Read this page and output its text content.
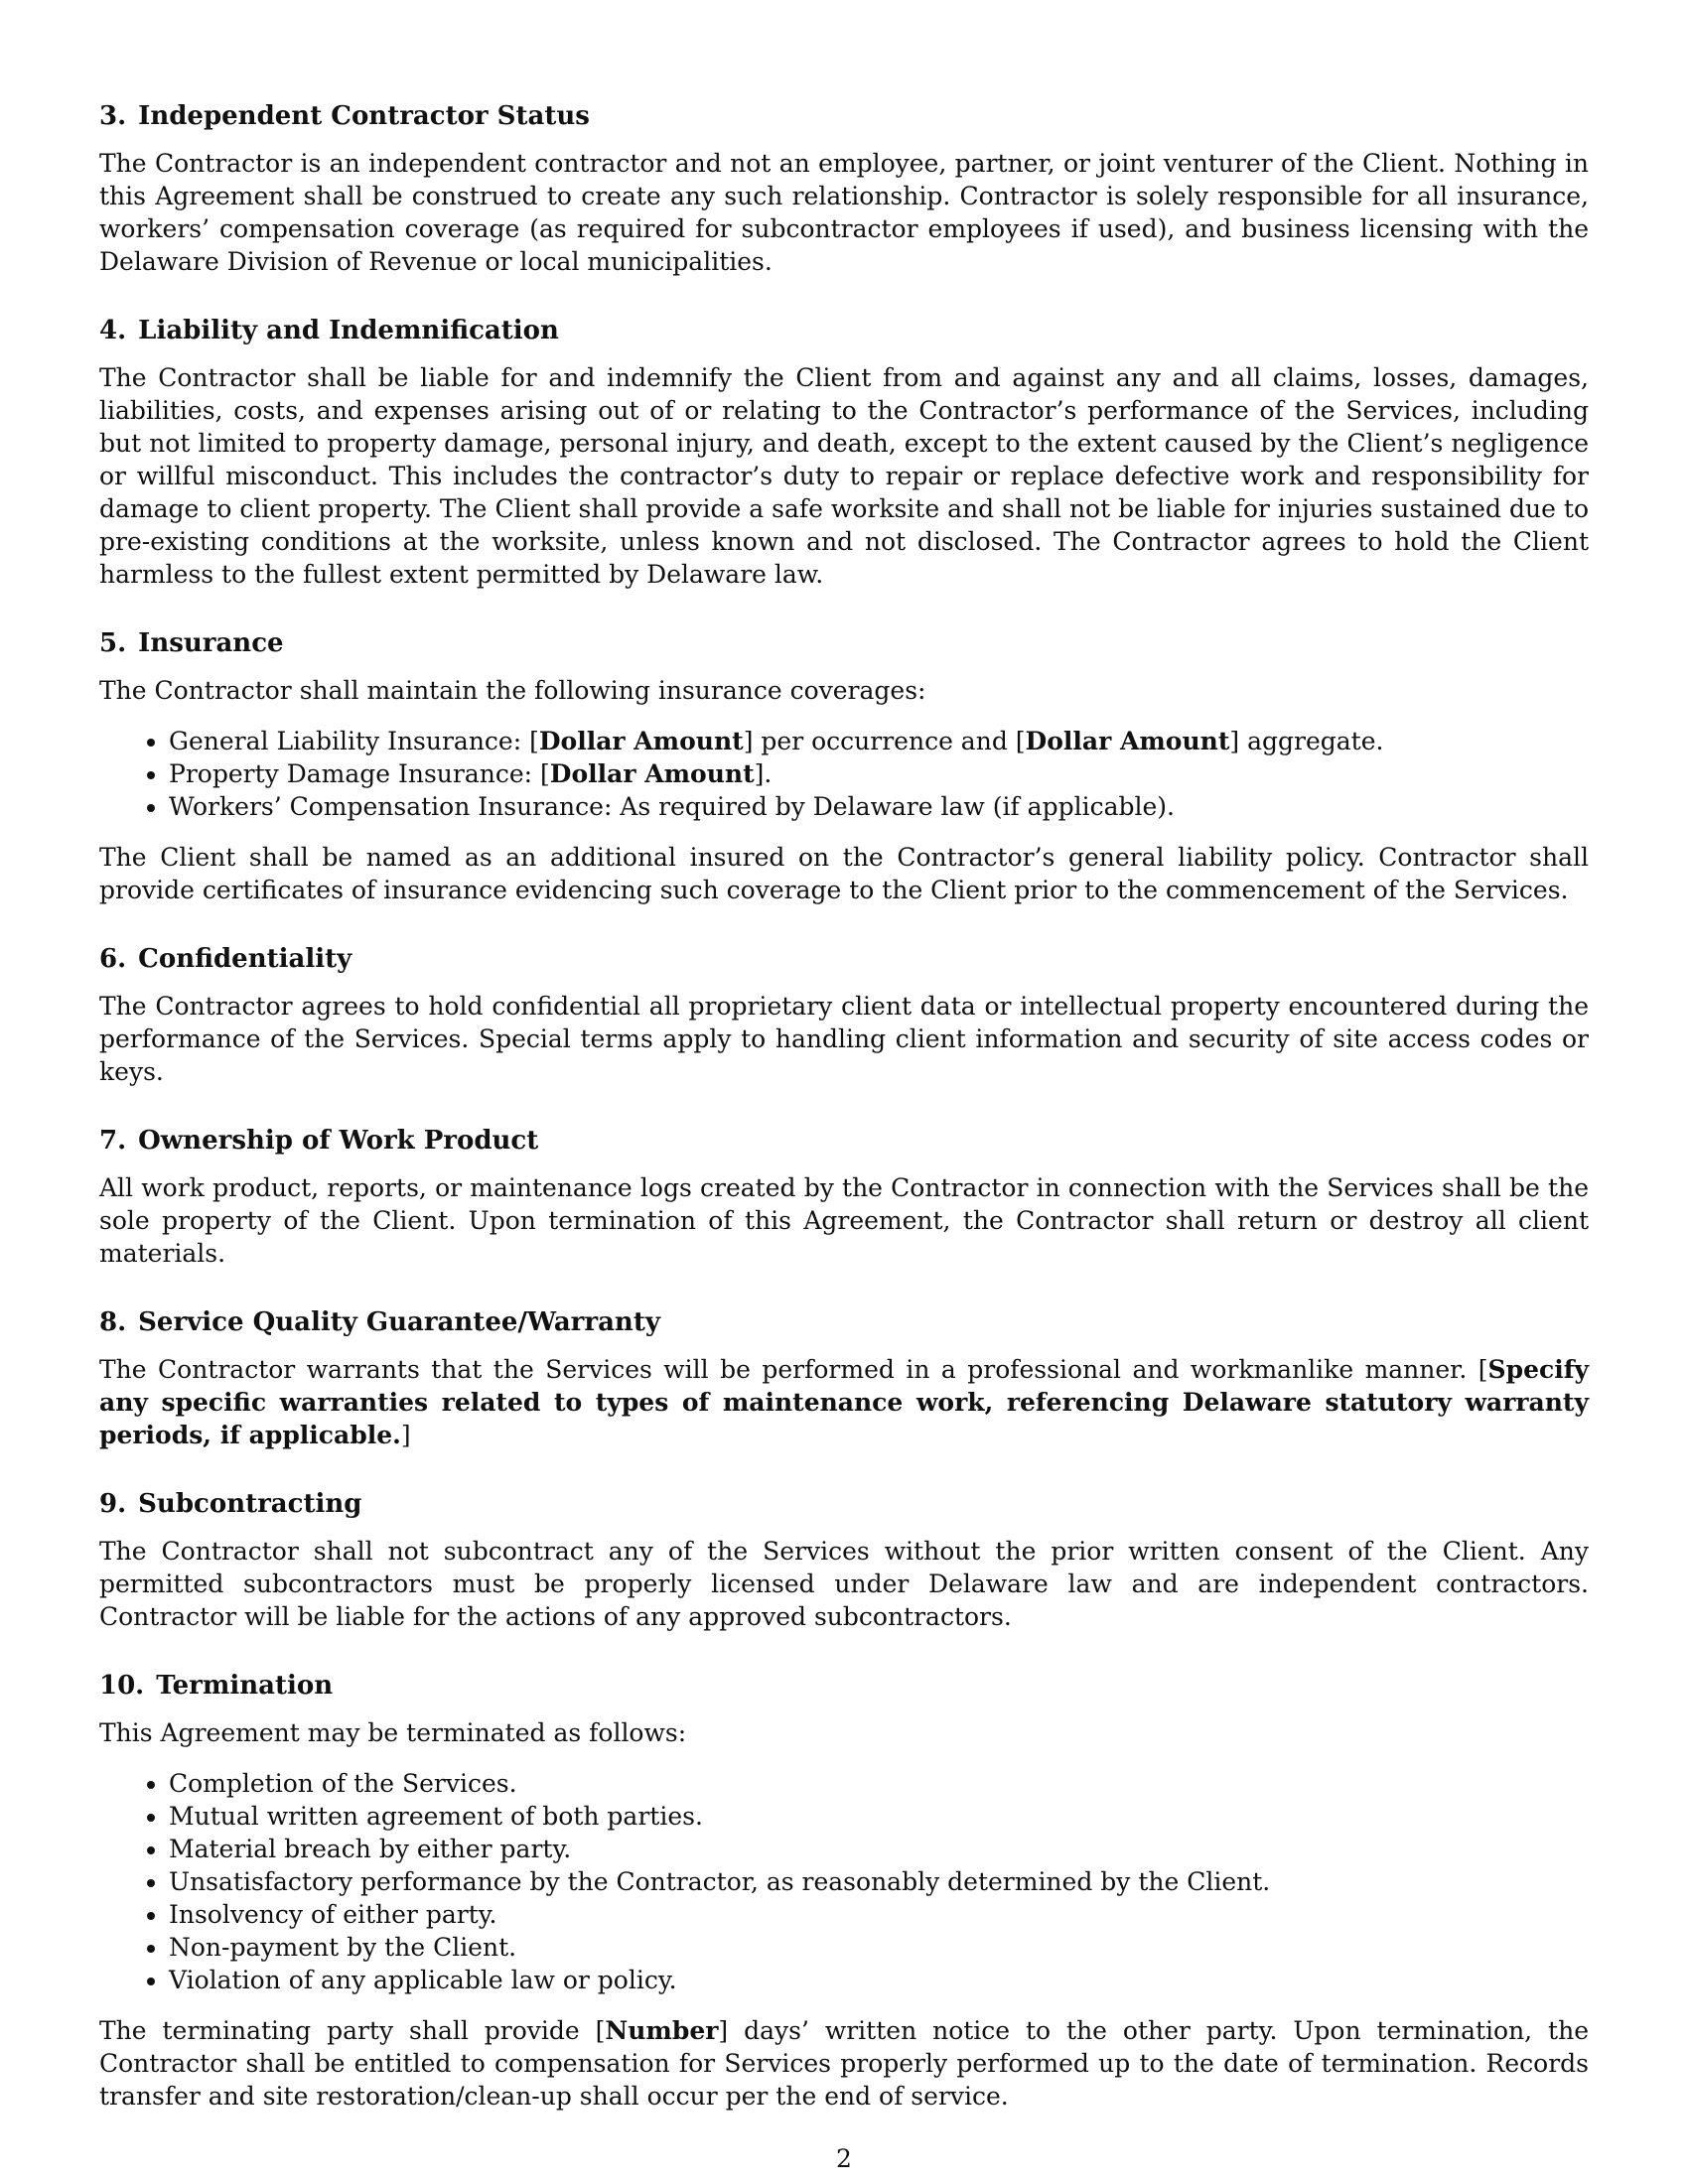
3. Independent Contractor Status

The Contractor is an independent contractor and not an employee, partner, or joint venturer of the Client. Nothing in this Agreement shall be construed to create any such relationship. Contractor is solely responsible for all insurance, workers’ compensation coverage (as required for subcontractor employees if used), and business licensing with the Delaware Division of Revenue or local municipalities.

4. Liability and Indemnification

The Contractor shall be liable for and indemnify the Client from and against any and all claims, losses, damages, liabilities, costs, and expenses arising out of or relating to the Contractor’s performance of the Services, including but not limited to property damage, personal injury, and death, except to the extent caused by the Client’s negligence or willful misconduct. This includes the contractor’s duty to repair or replace defective work and responsibility for damage to client property. The Client shall provide a safe worksite and shall not be liable for injuries sustained due to pre-existing conditions at the worksite, unless known and not disclosed. The Contractor agrees to hold the Client harmless to the fullest extent permitted by Delaware law.

5. Insurance

The Contractor shall maintain the following insurance coverages:

• General Liability Insurance: [Dollar Amount] per occurrence and [Dollar Amount] aggregate.
• Property Damage Insurance: [Dollar Amount].
• Workers’ Compensation Insurance: As required by Delaware law (if applicable).

The Client shall be named as an additional insured on the Contractor’s general liability policy. Contractor shall provide certificates of insurance evidencing such coverage to the Client prior to the commencement of the Services.

6. Confidentiality

The Contractor agrees to hold confidential all proprietary client data or intellectual property encountered during the performance of the Services. Special terms apply to handling client information and security of site access codes or keys.

7. Ownership of Work Product

All work product, reports, or maintenance logs created by the Contractor in connection with the Services shall be the sole property of the Client. Upon termination of this Agreement, the Contractor shall return or destroy all client materials.

8. Service Quality Guarantee/Warranty

The Contractor warrants that the Services will be performed in a professional and workmanlike manner. [Specify any specific warranties related to types of maintenance work, referencing Delaware statutory warranty periods, if applicable.]

9. Subcontracting

The Contractor shall not subcontract any of the Services without the prior written consent of the Client. Any permitted subcontractors must be properly licensed under Delaware law and are independent contractors. Contractor will be liable for the actions of any approved subcontractors.

10. Termination

This Agreement may be terminated as follows:

• Completion of the Services.
• Mutual written agreement of both parties.
• Material breach by either party.
• Unsatisfactory performance by the Contractor, as reasonably determined by the Client.
• Insolvency of either party.
• Non-payment by the Client.
• Violation of any applicable law or policy.

The terminating party shall provide [Number] days’ written notice to the other party. Upon termination, the Contractor shall be entitled to compensation for Services properly performed up to the date of termination. Records transfer and site restoration/clean-up shall occur per the end of service.

2
